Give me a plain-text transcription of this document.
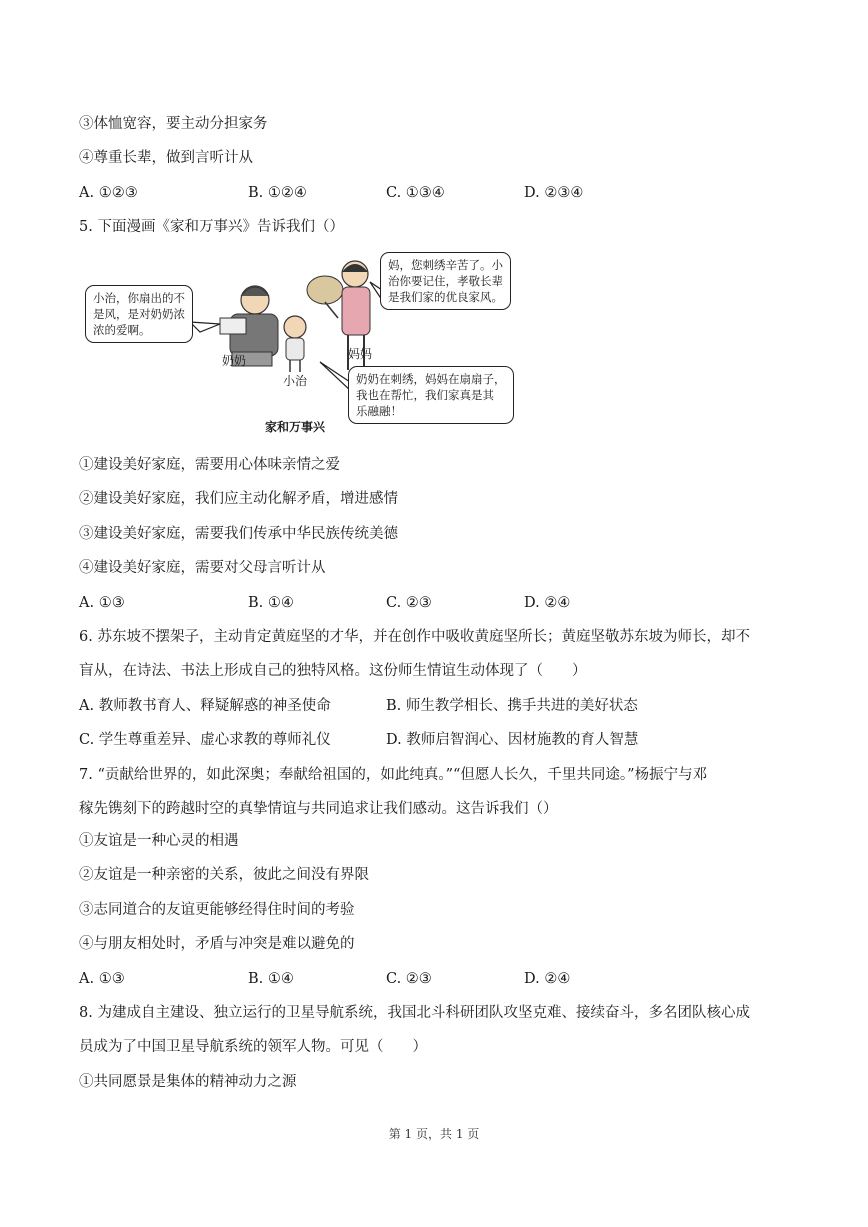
③体恤宽容，要主动分担家务
④尊重长辈，做到言听计从
A. ①②③	B. ①②④	C. ①③④	D. ②③④
5. 下面漫画《家和万事兴》告诉我们（）
小治，你扇出的不
是风，是对奶奶浓
浓的爱啊。
妈，您刺绣辛苦了。小
治你要记住，孝敬长辈
是我们家的优良家风。
奶奶在刺绣，妈妈在扇扇子，
我也在帮忙，我们家真是其
乐融融！
奶奶	妈妈
小治
家和万事兴
①建设美好家庭，需要用心体味亲情之爱
②建设美好家庭，我们应主动化解矛盾，增进感情
③建设美好家庭，需要我们传承中华民族传统美德
④建设美好家庭，需要对父母言听计从
A. ①③	B. ①④	C. ②③	D. ②④
6. 苏东坡不摆架子，主动肯定黄庭坚的才华，并在创作中吸收黄庭坚所长；黄庭坚敬苏东坡为师长，却不
盲从，在诗法、书法上形成自己的独特风格。这份师生情谊生动体现了（　　）
A. 教师教书育人、释疑解惑的神圣使命	B. 师生教学相长、携手共进的美好状态
C. 学生尊重差异、虚心求教的尊师礼仪	D. 教师启智润心、因材施教的育人智慧
7. “贡献给世界的，如此深奥；奉献给祖国的，如此纯真。”“但愿人长久，千里共同途。”杨振宁与邓
稼先镌刻下的跨越时空的真挚情谊与共同追求让我们感动。这告诉我们（）
①友谊是一种心灵的相遇
②友谊是一种亲密的关系，彼此之间没有界限
③志同道合的友谊更能够经得住时间的考验
④与朋友相处时，矛盾与冲突是难以避免的
A. ①③	B. ①④	C. ②③	D. ②④
8. 为建成自主建设、独立运行的卫星导航系统，我国北斗科研团队攻坚克难、接续奋斗，多名团队核心成
员成为了中国卫星导航系统的领军人物。可见（　　）
①共同愿景是集体的精神动力之源
第 1 页，共 1 页
